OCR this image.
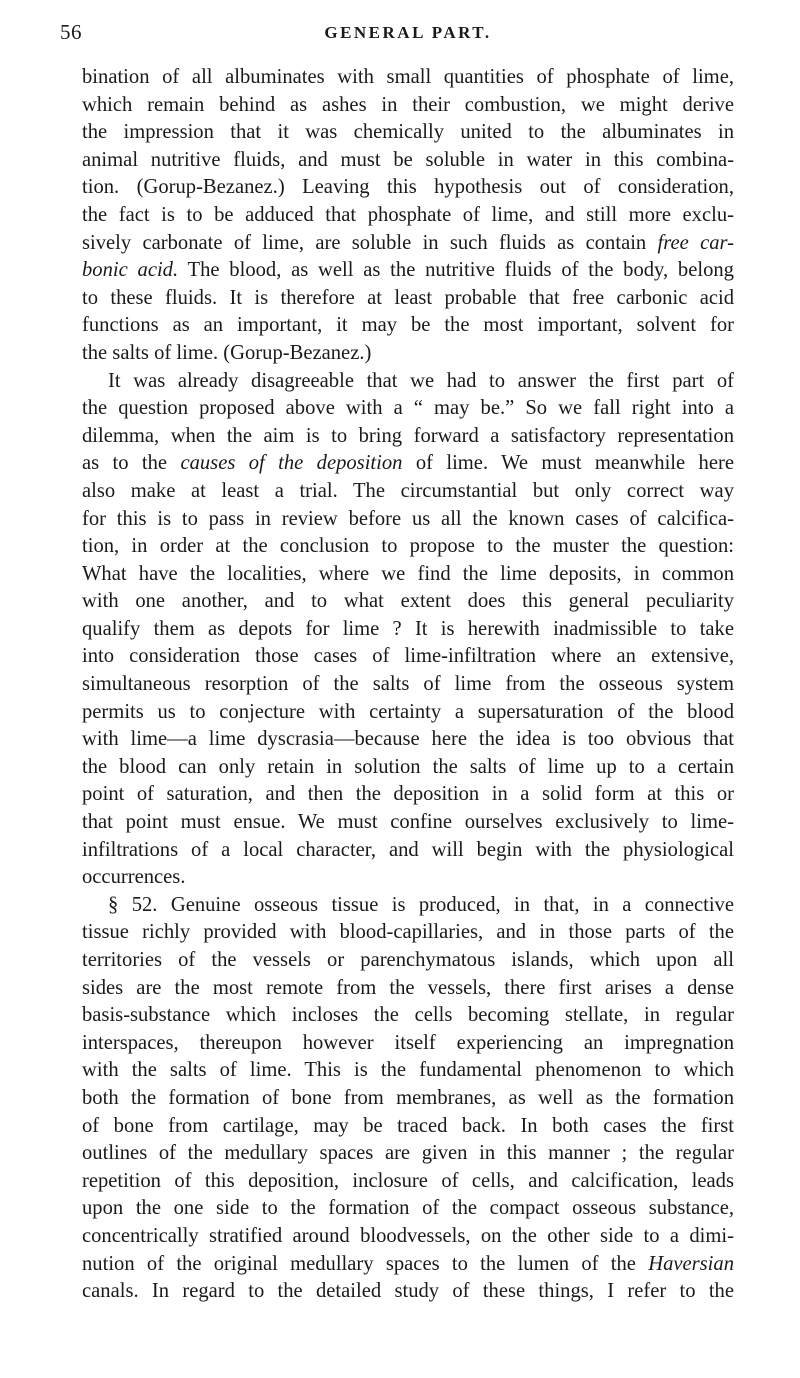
56	GENERAL PART.
bination of all albuminates with small quantities of phosphate of lime,
which remain behind as ashes in their combustion, we might derive
the impression that it was chemically united to the albuminates in
animal nutritive fluids, and must be soluble in water in this combina-
tion. (Gorup-Bezanez.) Leaving this hypothesis out of consideration,
the fact is to be adduced that phosphate of lime, and still more exclu-
sively carbonate of lime, are soluble in such fluids as contain free car-
bonic acid. The blood, as well as the nutritive fluids of the body, belong
to these fluids. It is therefore at least probable that free carbonic acid
functions as an important, it may be the most important, solvent for
the salts of lime. (Gorup-Bezanez.)
It was already disagreeable that we had to answer the first part of
the question proposed above with a “ may be.” So we fall right into a
dilemma, when the aim is to bring forward a satisfactory representation
as to the causes of the deposition of lime. We must meanwhile here
also make at least a trial. The circumstantial but only correct way
for this is to pass in review before us all the known cases of calcifica-
tion, in order at the conclusion to propose to the muster the question:
What have the localities, where we find the lime deposits, in common
with one another, and to what extent does this general peculiarity
qualify them as depots for lime ? It is herewith inadmissible to take
into consideration those cases of lime-infiltration where an extensive,
simultaneous resorption of the salts of lime from the osseous system
permits us to conjecture with certainty a supersaturation of the blood
with lime—a lime dyscrasia—because here the idea is too obvious that
the blood can only retain in solution the salts of lime up to a certain
point of saturation, and then the deposition in a solid form at this or
that point must ensue. We must confine ourselves exclusively to lime-
infiltrations of a local character, and will begin with the physiological
occurrences.
§ 52. Genuine osseous tissue is produced, in that, in a connective
tissue richly provided with blood-capillaries, and in those parts of the
territories of the vessels or parenchymatous islands, which upon all
sides are the most remote from the vessels, there first arises a dense
basis-substance which incloses the cells becoming stellate, in regular
interspaces, thereupon however itself experiencing an impregnation
with the salts of lime. This is the fundamental phenomenon to which
both the formation of bone from membranes, as well as the formation
of bone from cartilage, may be traced back. In both cases the first
outlines of the medullary spaces are given in this manner ; the regular
repetition of this deposition, inclosure of cells, and calcification, leads
upon the one side to the formation of the compact osseous substance,
concentrically stratified around bloodvessels, on the other side to a dimi-
nution of the original medullary spaces to the lumen of the Haversian
canals. In regard to the detailed study of these things, I refer to the
